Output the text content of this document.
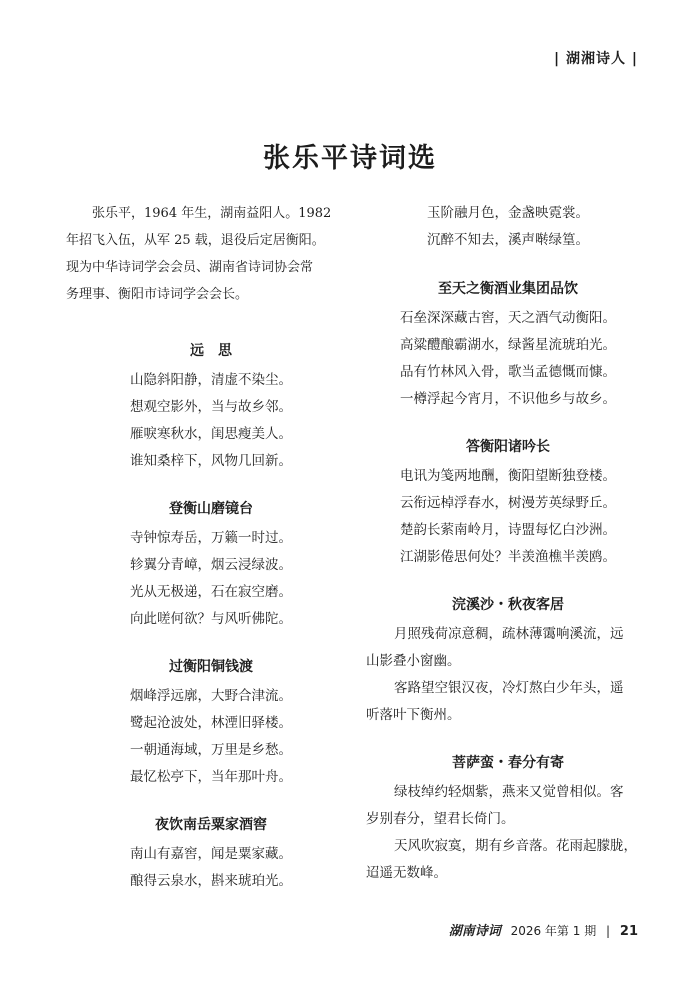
| 湖湘诗人 |
张乐平诗词选

张乐平，1964 年生，湖南益阳人。1982

年招飞入伍，从军 25 载，退役后定居衡阳。

现为中华诗词学会会员、湖南省诗词协会常

务理事、衡阳市诗词学会会长。

远　思
山隐斜阳静，清虚不染尘。
想观空影外，当与故乡邻。
雁唳寒秋水，闺思瘦美人。
谁知桑梓下，风物几回新。
登衡山磨镜台
寺钟惊寿岳，万籁一时过。
轸翼分青嶂，烟云浸绿波。
光从无极递，石在寂空磨。
向此嗟何欲？与风听佛陀。
过衡阳铜钱渡
烟峰浮远廓，大野合津流。
鹭起沧波处，林湮旧驿楼。
一朝通海域，万里是乡愁。
最忆松亭下，当年那叶舟。
夜饮南岳粟家酒窖
南山有嘉窖，闻是粟家藏。
酿得云泉水，斟来琥珀光。
玉阶融月色，金盏映霓裳。
沉醉不知去，溪声啭绿篁。
至天之衡酒业集团品饮
石垒深深藏古窖，天之酒气动衡阳。
高粱醴酿霸湖水，绿酱星流琥珀光。
品有竹林风入骨，歌当孟德慨而慷。
一樽浮起今宵月，不识他乡与故乡。
答衡阳诸吟长
电讯为笺两地酬，衡阳望断独登楼。
云衔远棹浮春水，树漫芳英绿野丘。
楚韵长萦南岭月，诗盟每忆白沙洲。
江湖影倦思何处？半羡渔樵半羡鸥。
浣溪沙・秋夜客居
月照残荷凉意稠，疏林薄霭响溪流，远
山影叠小窗幽。
客路望空银汉夜，冷灯熬白少年头，遥
听落叶下衡州。
菩萨蛮・春分有寄
绿枝绰约轻烟紫，燕来又觉曾相似。客
岁别春分，望君长倚门。
天风吹寂寞，期有乡音落。花雨起朦胧，
迢遥无数峰。
湖南诗词 2026 年第 1 期 | 21
